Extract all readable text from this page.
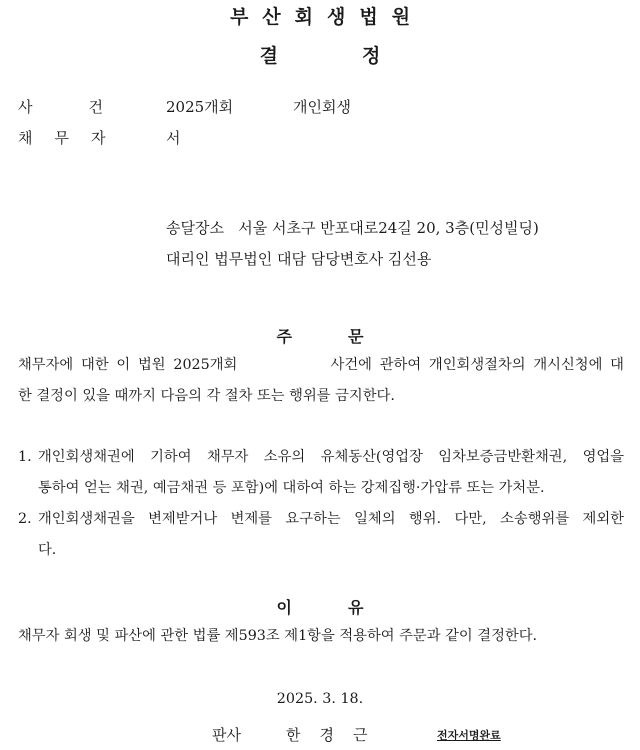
부산회생법원
결정
사건 2025개회	개인회생
채무자	서
송달장소   서울 서초구 반포대로24길 20, 3층(민성빌딩)
대리인 법무법인 대담 담당변호사 김선용
주문
채무자에 대한 이 법원 2025개회            사건에 관하여 개인회생절차의 개시신청에 대
한 결정이 있을 때까지 다음의 각 절차 또는 행위를 금지한다.
1. 개인회생채권에 기하여 채무자 소유의 유체동산(영업장 임차보증금반환채권, 영업을
통하여 얻는 채권, 예금채권 등 포함)에 대하여 하는 강제집행·가압류 또는 가처분.
2. 개인회생채권을 변제받거나 변제를 요구하는 일체의 행위. 다만, 소송행위를 제외한
다.
이유
채무자 회생 및 파산에 관한 법률 제593조 제1항을 적용하여 주문과 같이 결정한다.
2025. 3. 18.
판사	한경근	전자서명완료
